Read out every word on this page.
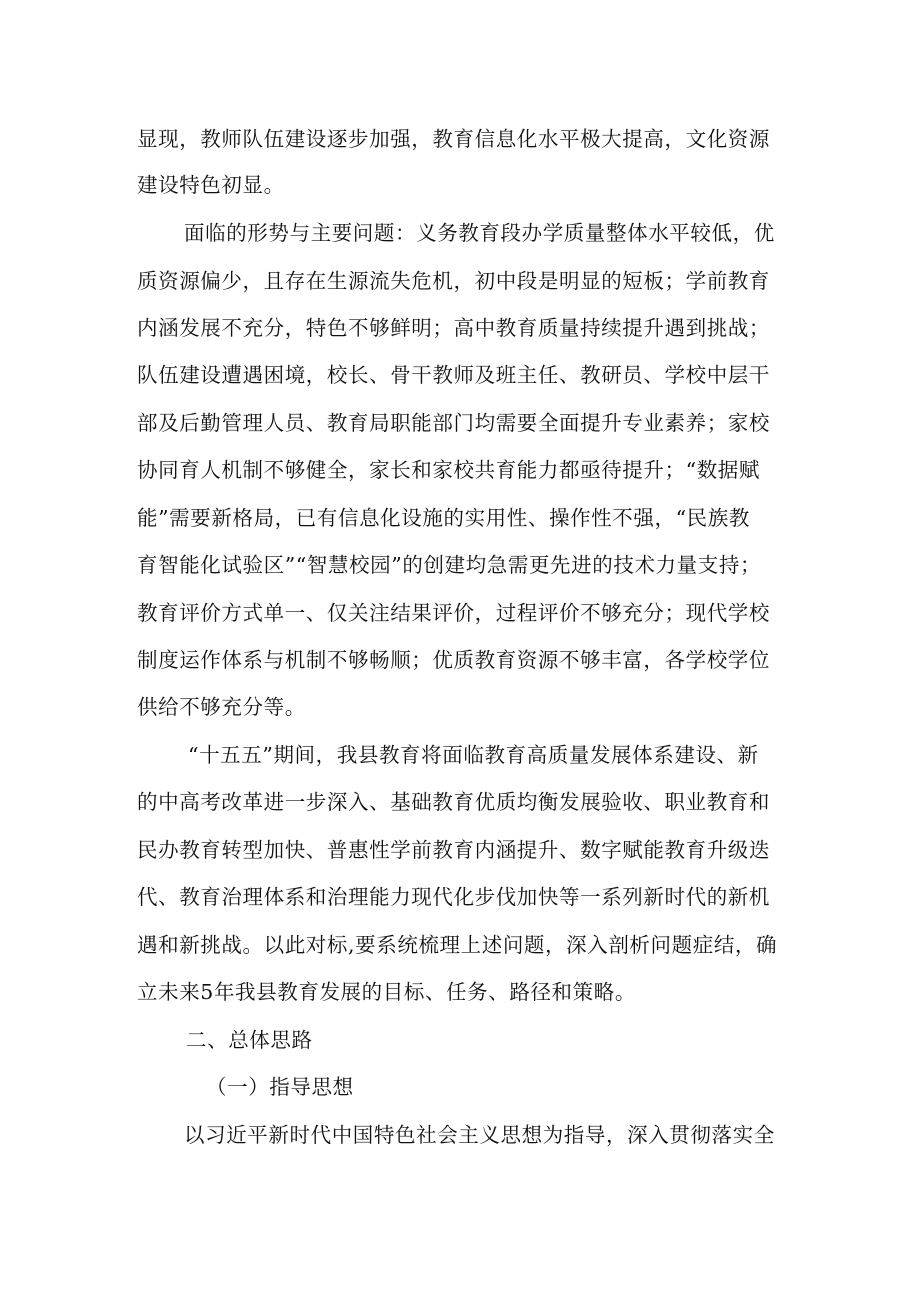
显现，教师队伍建设逐步加强，教育信息化水平极大提高，文化资源
建设特色初显。
面临的形势与主要问题：义务教育段办学质量整体水平较低，优
质资源偏少，且存在生源流失危机，初中段是明显的短板；学前教育
内涵发展不充分，特色不够鲜明；高中教育质量持续提升遇到挑战；
队伍建设遭遇困境，校长、骨干教师及班主任、教研员、学校中层干
部及后勤管理人员、教育局职能部门均需要全面提升专业素养；家校
协同育人机制不够健全，家长和家校共育能力都亟待提升；“数据赋
能”需要新格局，已有信息化设施的实用性、操作性不强，“民族教
育智能化试验区”“智慧校园”的创建均急需更先进的技术力量支持；
教育评价方式单一、仅关注结果评价，过程评价不够充分；现代学校
制度运作体系与机制不够畅顺；优质教育资源不够丰富，各学校学位
供给不够充分等。
“十五五”期间，我县教育将面临教育高质量发展体系建设、新
的中高考改革进一步深入、基础教育优质均衡发展验收、职业教育和
民办教育转型加快、普惠性学前教育内涵提升、数字赋能教育升级迭
代、教育治理体系和治理能力现代化步伐加快等一系列新时代的新机
遇和新挑战。以此对标,要系统梳理上述问题，深入剖析问题症结，确
立未来5年我县教育发展的目标、任务、路径和策略。
二、总体思路
（一）指导思想
以习近平新时代中国特色社会主义思想为指导，深入贯彻落实全
